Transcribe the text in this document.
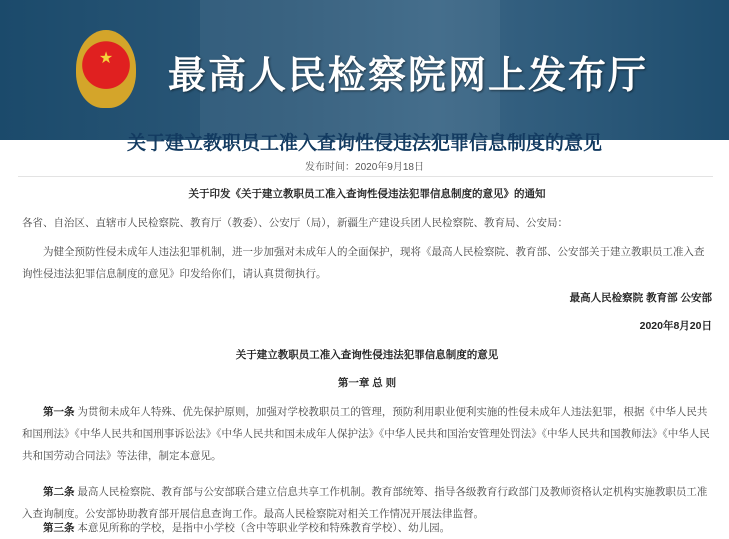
★	最高人民检察院网上发布厅
关于建立教职员工准入查询性侵违法犯罪信息制度的意见
发布时间：2020年9月18日
关于印发《关于建立教职员工准入查询性侵违法犯罪信息制度的意见》的通知
各省、自治区、直辖市人民检察院、教育厅（教委）、公安厅（局），新疆生产建设兵团人民检察院、教育局、公安局：
为健全预防性侵未成年人违法犯罪机制，进一步加强对未成年人的全面保护，现将《最高人民检察院、教育部、公安部关于建立教职员工准入查询性侵违法犯罪信息制度的意见》印发给你们，请认真贯彻执行。
最高人民检察院 教育部 公安部
2020年8月20日
关于建立教职员工准入查询性侵违法犯罪信息制度的意见
第一章 总 则
第一条 为贯彻未成年人特殊、优先保护原则，加强对学校教职员工的管理，预防利用职业便利实施的性侵未成年人违法犯罪，根据《中华人民共和国刑法》《中华人民共和国刑事诉讼法》《中华人民共和国未成年人保护法》《中华人民共和国治安管理处罚法》《中华人民共和国教师法》《中华人民共和国劳动合同法》等法律，制定本意见。
第二条 最高人民检察院、教育部与公安部联合建立信息共享工作机制。教育部统筹、指导各级教育行政部门及教师资格认定机构实施教职员工准入查询制度。公安部协助教育部开展信息查询工作。最高人民检察院对相关工作情况开展法律监督。
第三条 本意见所称的学校，是指中小学校（含中等职业学校和特殊教育学校）、幼儿园。
